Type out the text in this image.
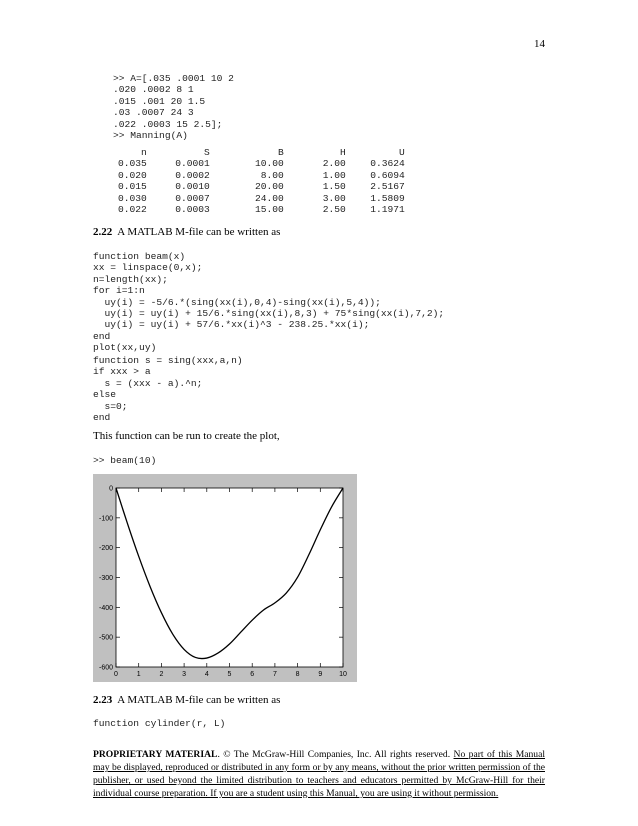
14
>> A=[.035 .0001 10 2
.020 .0002 8 1
.015 .001 20 1.5
.03 .0007 24 3
.022 .0003 15 2.5];
>> Manning(A)
n	S	B	H	U
0.035	0.0001	10.00	2.00	0.3624
0.020	0.0002	8.00	1.00	0.6094
0.015	0.0010	20.00	1.50	2.5167
0.030	0.0007	24.00	3.00	1.5809
0.022	0.0003	15.00	2.50	1.1971
2.22 A MATLAB M-file can be written as
function beam(x)
xx = linspace(0,x);
n=length(xx);
for i=1:n
uy(i) = -5/6.*(sing(xx(i),0,4)-sing(xx(i),5,4));
uy(i) = uy(i) + 15/6.*sing(xx(i),8,3) + 75*sing(xx(i),7,2);
uy(i) = uy(i) + 57/6.*xx(i)^3 - 238.25.*xx(i);
end
plot(xx,uy)
function s = sing(xxx,a,n)
if xxx > a
s = (xxx - a).^n;
else
s=0;
end
This function can be run to create the plot,
>> beam(10)
0	1	2	3	4	5	6	7	8	9 10
0
-100
-200
-300
-400
-500
-600
2.23 A MATLAB M-file can be written as
function cylinder(r, L)
PROPRIETARY MATERIAL. © The McGraw-Hill Companies, Inc. All rights reserved. No part of this Manual may be displayed, reproduced or distributed in any form or by any means, without the prior written permission of the publisher, or used beyond the limited distribution to teachers and educators permitted by McGraw-Hill for their individual course preparation. If you are a student using this Manual, you are using it without permission.
